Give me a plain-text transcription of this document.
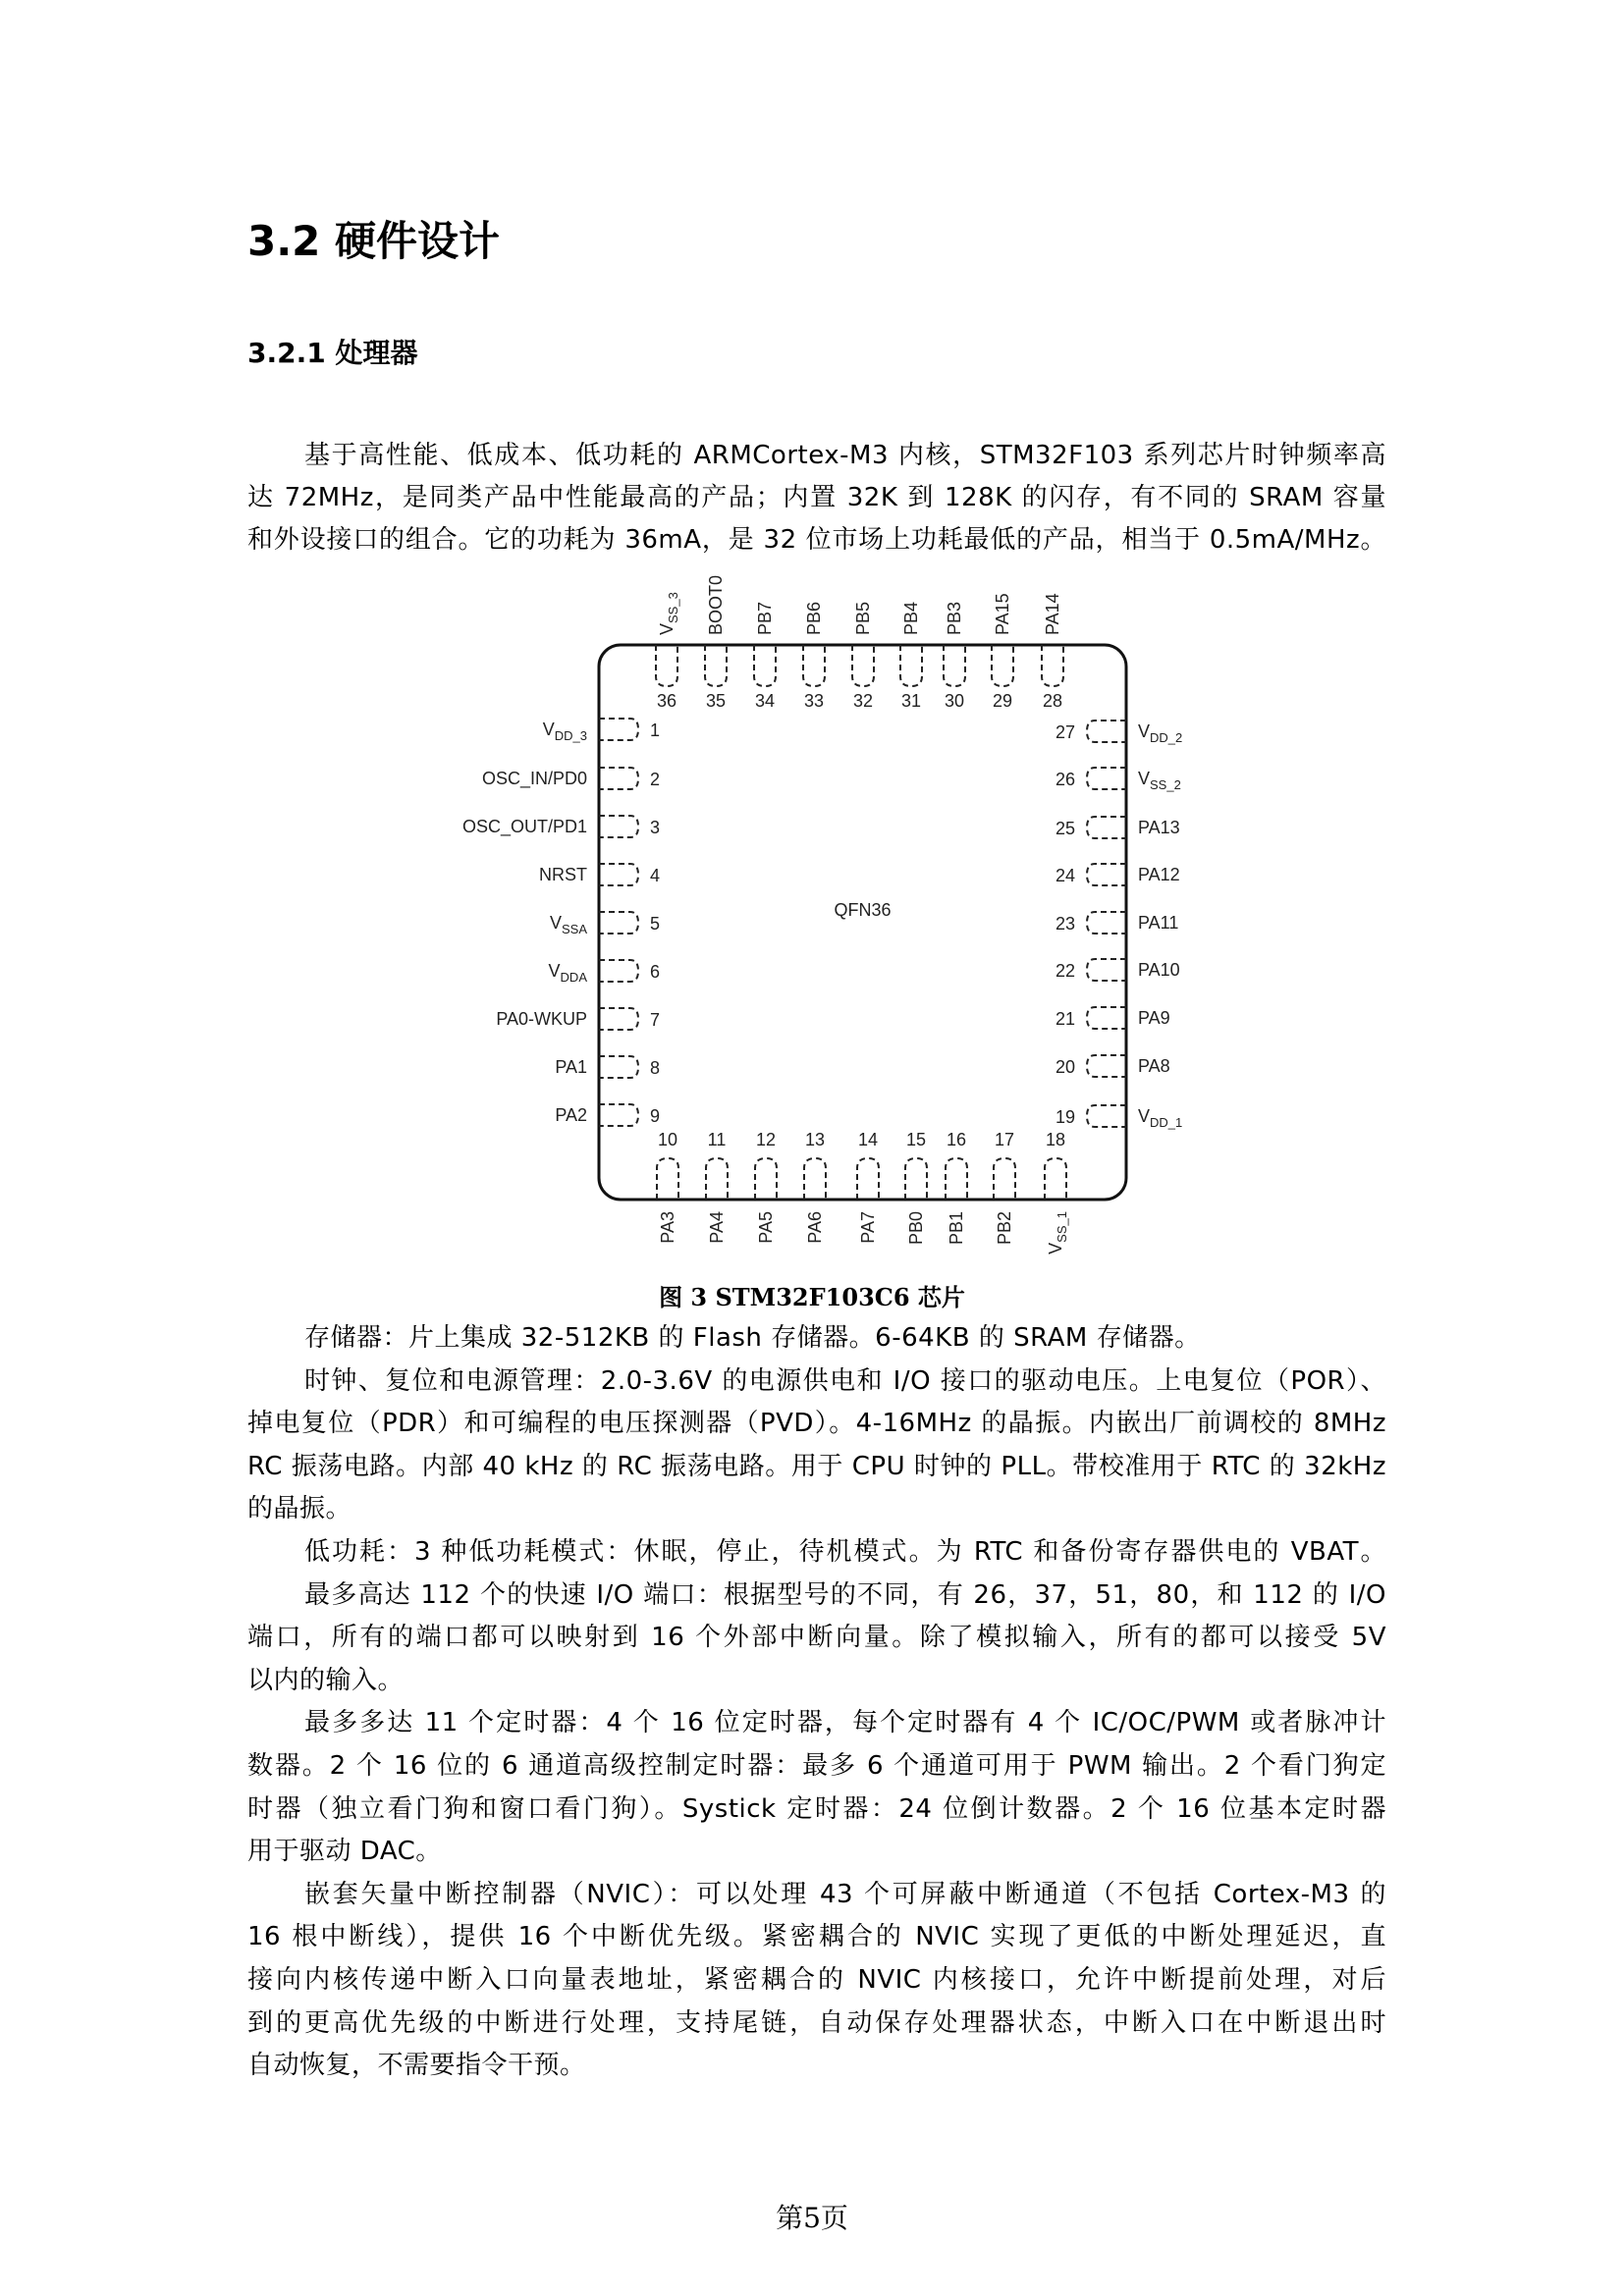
3.2 硬件设计
3.2.1 处理器
基于高性能、低成本、低功耗的 ARMCortex-M3 内核，STM32F103 系列芯片时钟频率高
达 72MHz，是同类产品中性能最高的产品；内置 32K 到 128K 的闪存，有不同的 SRAM 容量
和外设接口的组合。它的功耗为 36mA，是 32 位市场上功耗最低的产品，相当于 0.5mA/MHz。
QFN36
1
$V_{DD\_3}$
2
OSC_IN/PD0
3
OSC_OUT/PD1
4
NRST
5
$V_{SSA}$
6
$V_{DDA}$
7
PA0-WKUP
8
PA1
9
PA2	19	$V_{DD\_1}$
20	PA8
21	PA9
22	PA10
23	PA11
24	PA12
25	PA13
26	$V_{SS\_2}$
27	$V_{DD\_2}$
28
PA14
29
PA15
30
PB3
31
PB4
32
PB5
33
PB6
34
PB7
35
BOOT0
36
$V_{SS\_3}$
10
PA3
11
PA4
12
PA5
13
PA6
14
PA7
15
PB0
16
PB1
17
PB2
18
$V_{SS\_1}$
图 3 STM32F103C6 芯片
存储器：片上集成 32-512KB 的 Flash 存储器。6-64KB 的 SRAM 存储器。
时钟、复位和电源管理：2.0-3.6V 的电源供电和 I/O 接口的驱动电压。上电复位（POR）、
掉电复位（PDR）和可编程的电压探测器（PVD）。4-16MHz 的晶振。内嵌出厂前调校的 8MHz
RC 振荡电路。内部 40 kHz 的 RC 振荡电路。用于 CPU 时钟的 PLL。带校准用于 RTC 的 32kHz
的晶振。
低功耗：3 种低功耗模式：休眠，停止，待机模式。为 RTC 和备份寄存器供电的 VBAT。
最多高达 112 个的快速 I/O 端口：根据型号的不同，有 26，37，51，80，和 112 的 I/O
端口，所有的端口都可以映射到 16 个外部中断向量。除了模拟输入，所有的都可以接受 5V
以内的输入。
最多多达 11 个定时器：4 个 16 位定时器，每个定时器有 4 个 IC/OC/PWM 或者脉冲计
数器。2 个 16 位的 6 通道高级控制定时器：最多 6 个通道可用于 PWM 输出。2 个看门狗定
时器（独立看门狗和窗口看门狗）。Systick 定时器：24 位倒计数器。2 个 16 位基本定时器
用于驱动 DAC。
嵌套矢量中断控制器（NVIC）：可以处理 43 个可屏蔽中断通道（不包括 Cortex-M3 的
16 根中断线），提供 16 个中断优先级。紧密耦合的 NVIC 实现了更低的中断处理延迟，直
接向内核传递中断入口向量表地址，紧密耦合的 NVIC 内核接口，允许中断提前处理，对后
到的更高优先级的中断进行处理，支持尾链，自动保存处理器状态，中断入口在中断退出时
自动恢复，不需要指令干预。
第5页
